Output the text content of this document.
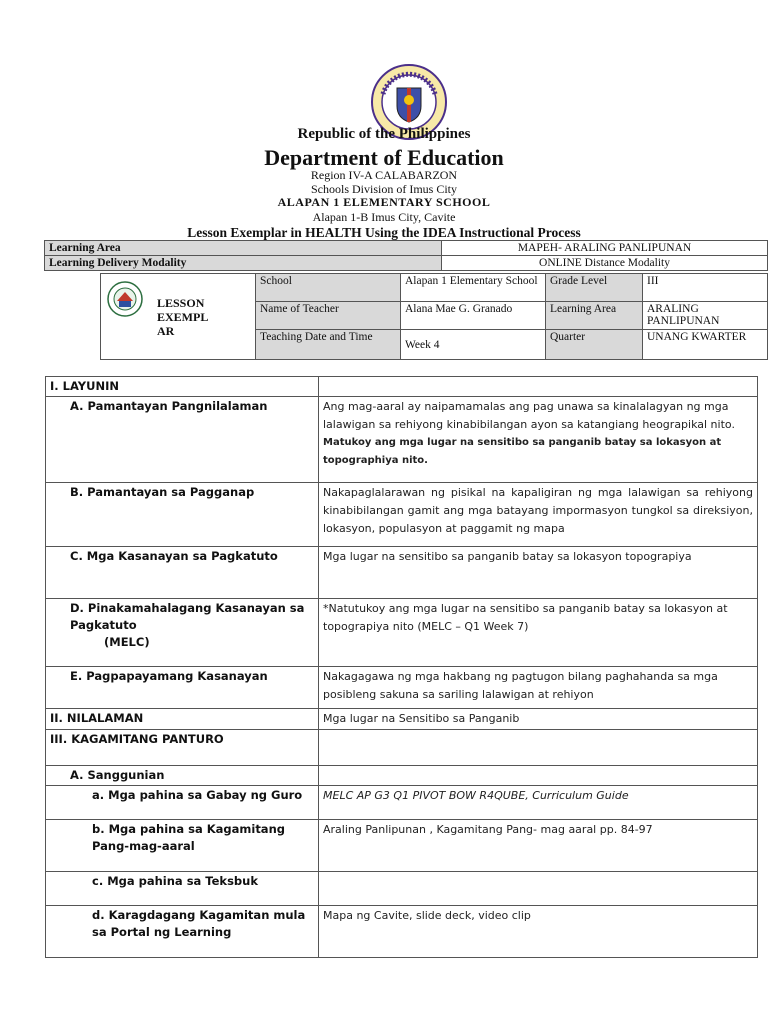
Republic of the Philippines
Department of Education
Region IV-A CALABARZON
Schools Division of Imus City
ALAPAN 1 ELEMENTARY SCHOOL
Alapan 1-B Imus City, Cavite
Lesson Exemplar in HEALTH Using the IDEA Instructional Process
Learning Area	MAPEH- ARALING PANLIPUNAN
Learning Delivery Modality	ONLINE Distance Modality

LESSON
EXEMPL
AR	School	Alapan 1 Elementary School	Grade Level	III
		Name of Teacher	Alana Mae G. Granado	Learning Area	ARALING PANLIPUNAN
		Teaching Date and Time	Week 4	Quarter	UNANG KWARTER
I. LAYUNIN	
A. Pamantayan Pangnilalaman	Ang mag-aaral ay naipamamalas ang pag unawa sa kinalalagyan ng mga lalawigan sa rehiyong kinabibilangan ayon sa katangiang heograpikal nito.
Matukoy ang mga lugar na sensitibo sa panganib batay sa lokasyon at topographiya nito.

B. Pamantayan sa Pagganap	Nakapaglalarawan ng pisikal na kapaligiran ng mga lalawigan sa rehiyong kinabibilangan gamit ang mga batayang impormasyon tungkol sa direksiyon, lokasyon, populasyon at paggamit ng mapa
C. Mga Kasanayan sa Pagkatuto	Mga lugar na sensitibo sa panganib batay sa lokasyon topograpiya

D. Pinakamahalagang Kasanayan sa Pagkatuto
(MELC)	*Natutukoy ang mga lugar na sensitibo sa panganib batay sa lokasyon at topograpiya nito (MELC – Q1 Week 7)
E. Pagpapayamang Kasanayan	Nakagagawa ng mga hakbang ng pagtugon bilang paghahanda sa mga posibleng sakuna sa sariling lalawigan at rehiyon
II. NILALAMAN	Mga lugar na Sensitibo sa Panganib
III. KAGAMITANG PANTURO	
A. Sanggunian	
a. Mga pahina sa Gabay ng Guro	MELC AP G3 Q1 PIVOT BOW R4QUBE, Curriculum Guide
b. Mga pahina sa Kagamitang Pang-mag-aaral	Araling Panlipunan , Kagamitang Pang- mag aaral pp. 84-97
c. Mga pahina sa Teksbuk	
d. Karagdagang Kagamitan mula sa Portal ng Learning	Mapa ng Cavite, slide deck, video clip
